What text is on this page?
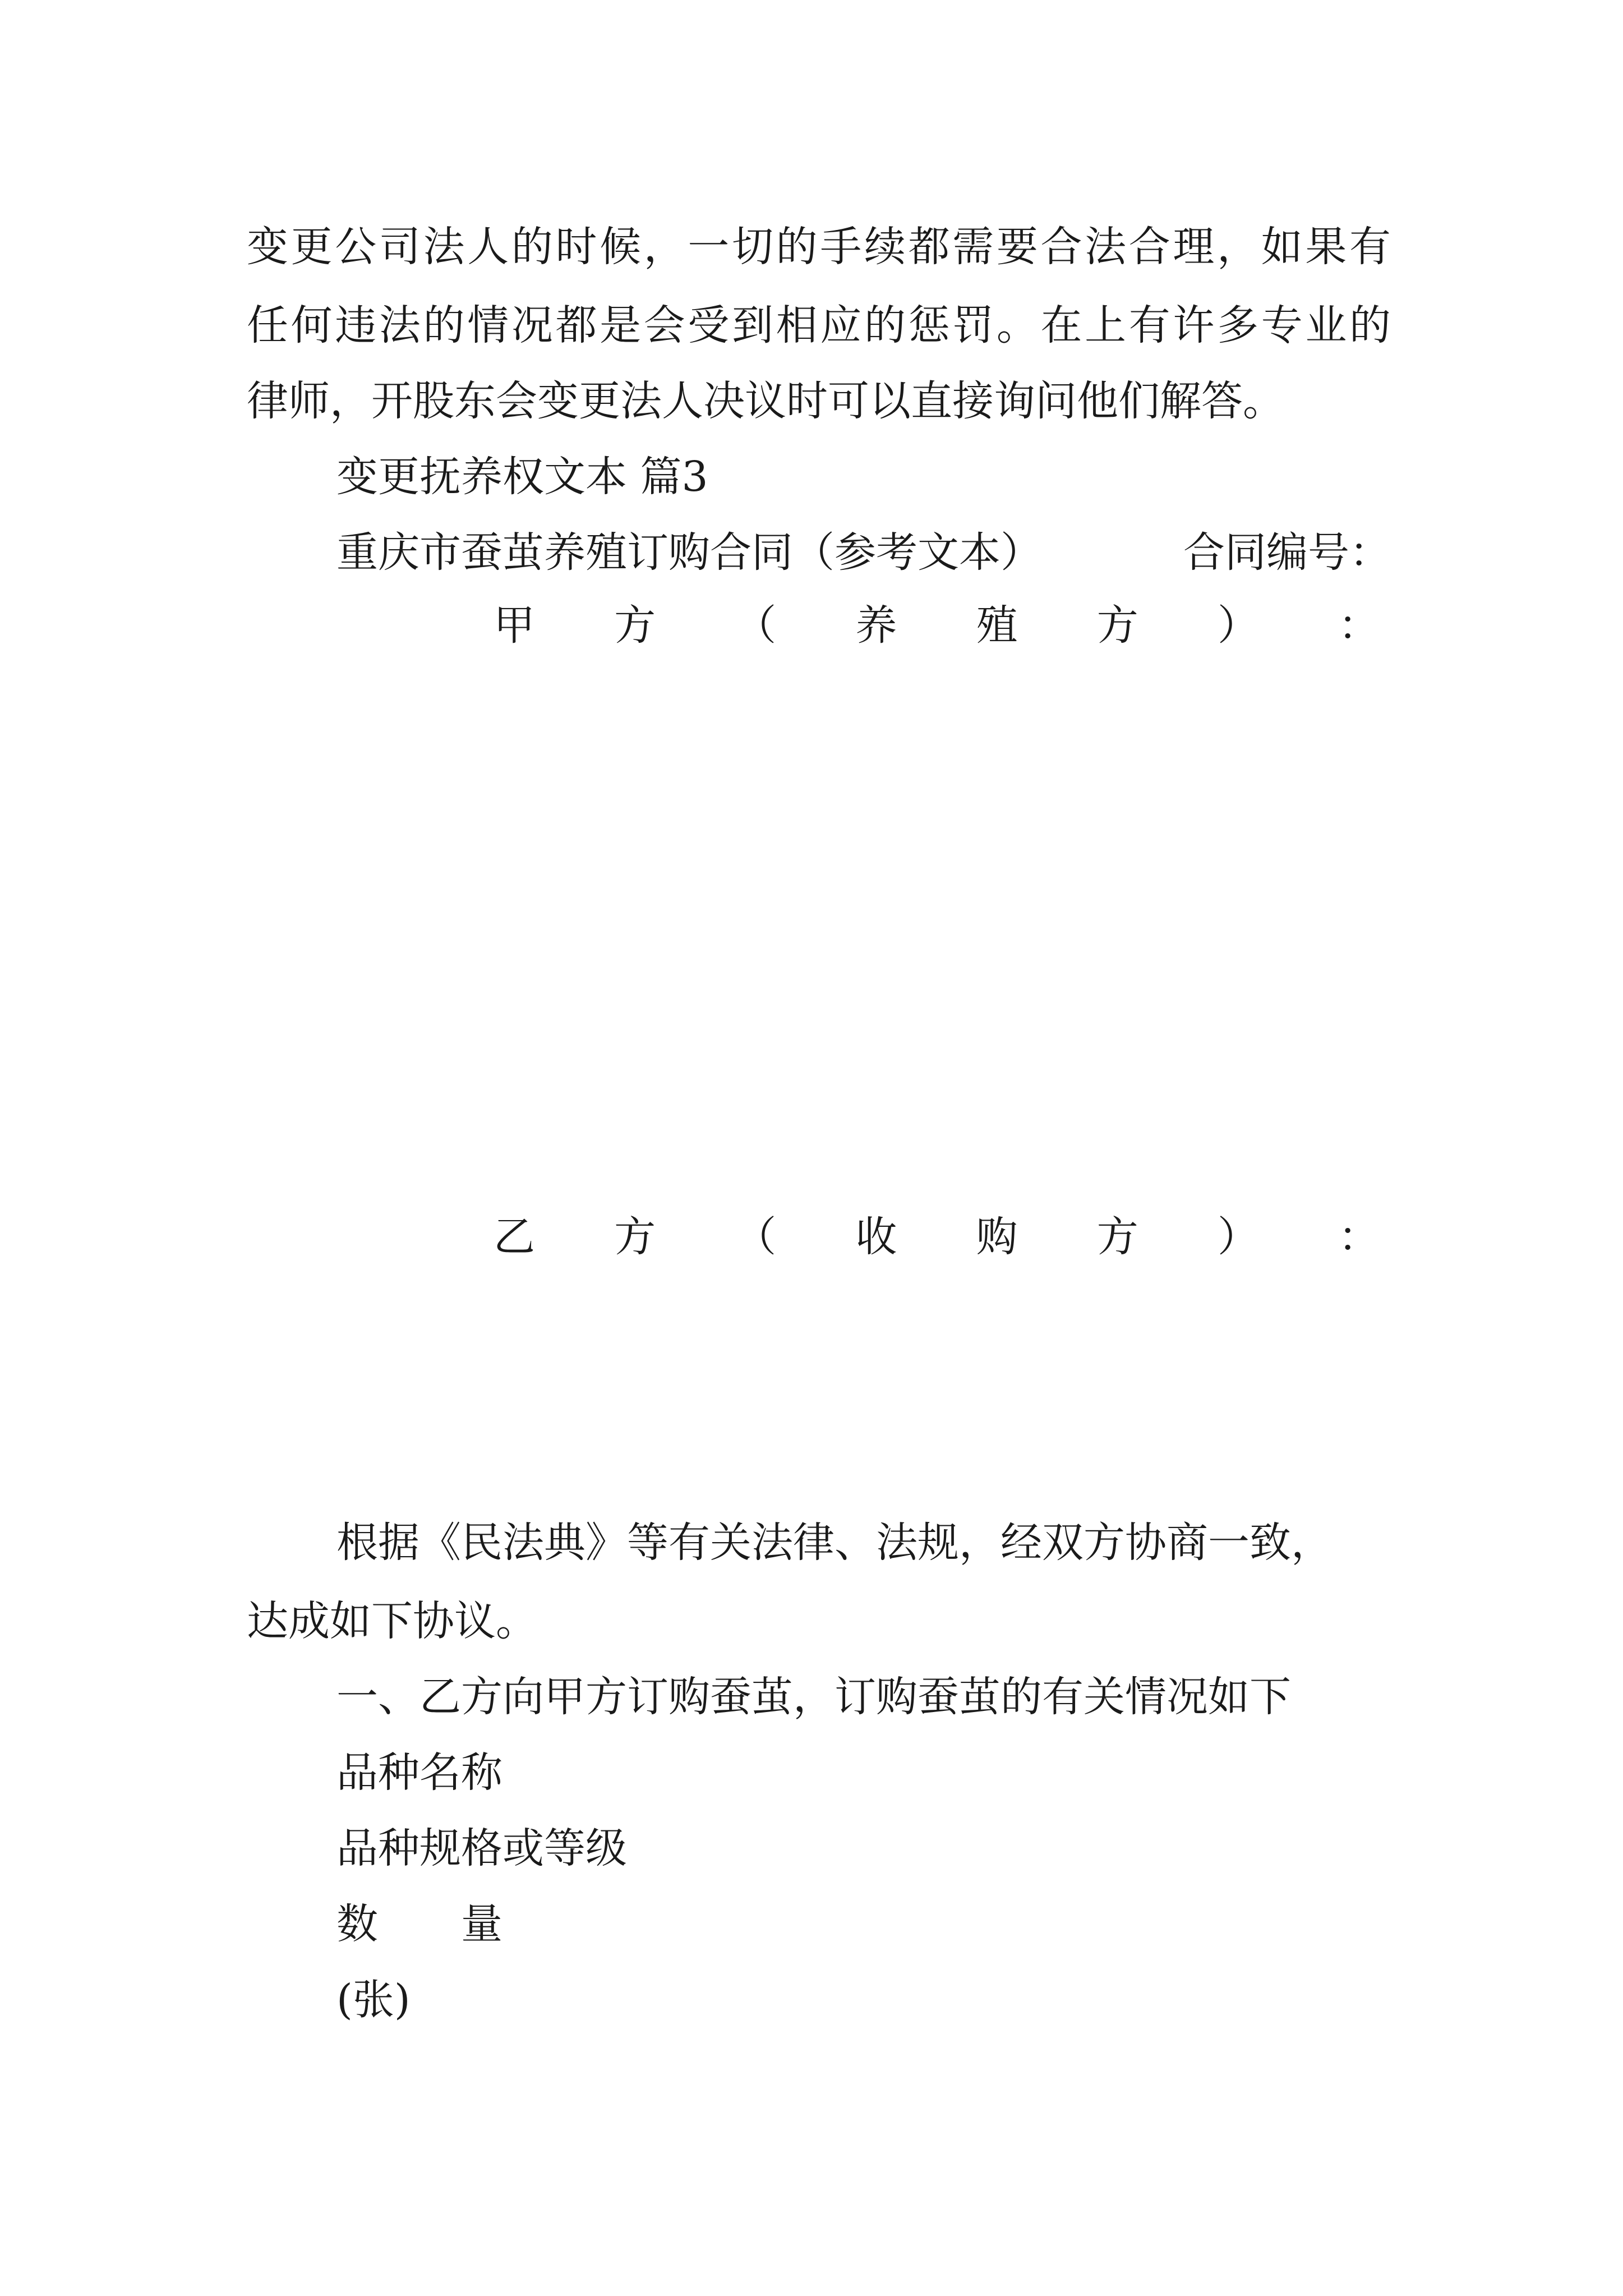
变更公司法人的时候，一切的手续都需要合法合理，如果有
任何违法的情况都是会受到相应的惩罚。在上有许多专业的
律师，开股东会变更法人决议时可以直接询问他们解答。
变更抚养权文本 篇3
重庆市蚕茧养殖订购合同（参考文本）	合同编号：
甲 方 （ 养 殖 方 ） ：
乙 方 （ 收 购 方 ） ：
根据《民法典》等有关法律、法规，经双方协商一致，
达成如下协议。
一、乙方向甲方订购蚕茧，订购蚕茧的有关情况如下
品种名称
品种规格或等级
数　　量
(张)
